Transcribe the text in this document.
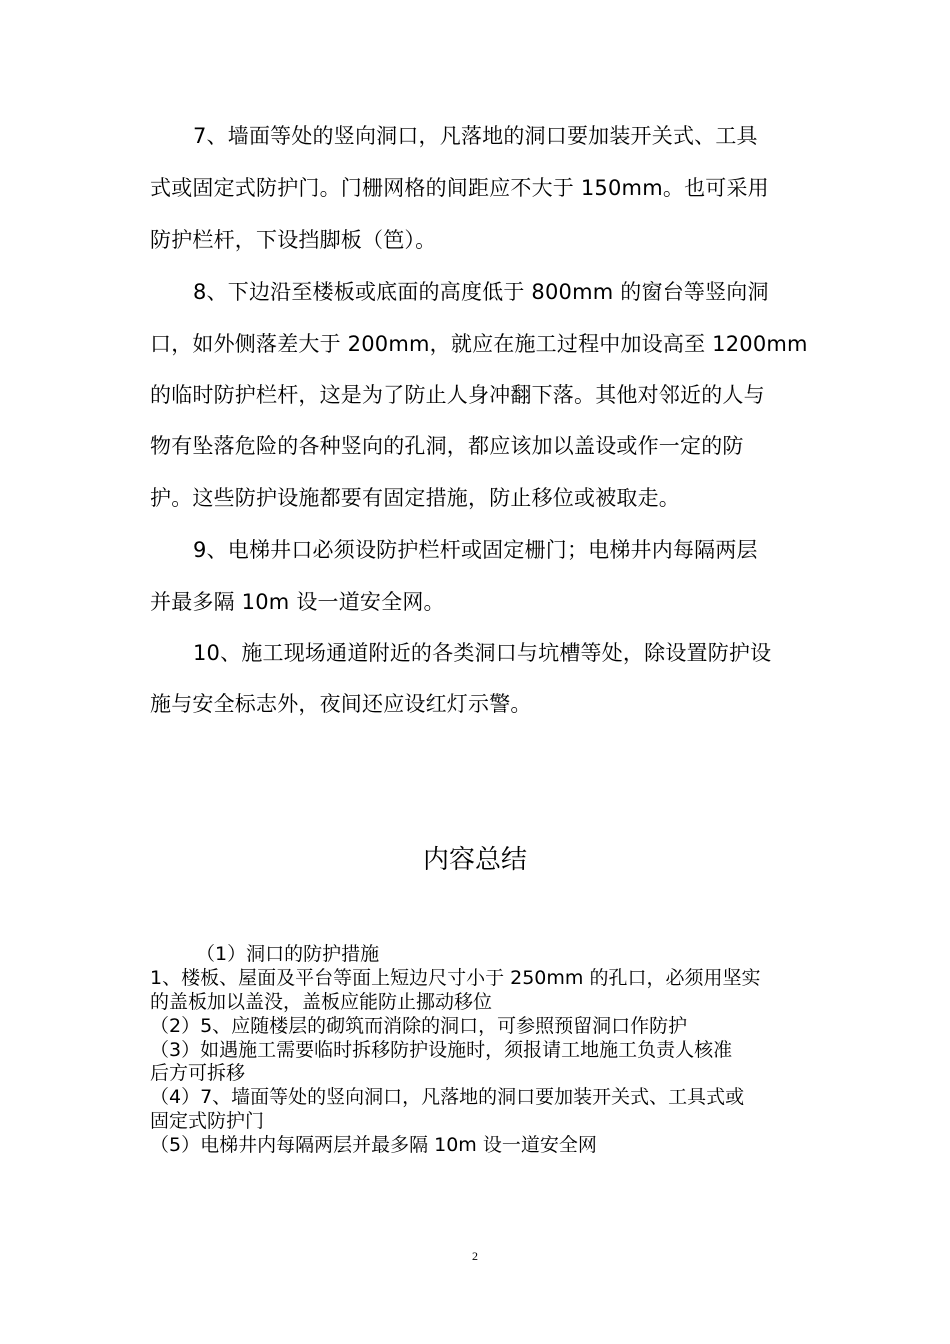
7、墙面等处的竖向洞口，凡落地的洞口要加装开关式、工具
式或固定式防护门。门栅网格的间距应不大于 150mm。也可采用
防护栏杆，下设挡脚板（笆）。
8、下边沿至楼板或底面的高度低于 800mm 的窗台等竖向洞
口，如外侧落差大于 200mm，就应在施工过程中加设高至 1200mm
的临时防护栏杆，这是为了防止人身冲翻下落。其他对邻近的人与
物有坠落危险的各种竖向的孔洞，都应该加以盖设或作一定的防
护。这些防护设施都要有固定措施，防止移位或被取走。
9、电梯井口必须设防护栏杆或固定栅门；电梯井内每隔两层
并最多隔 10m 设一道安全网。
10、施工现场通道附近的各类洞口与坑槽等处，除设置防护设
施与安全标志外，夜间还应设红灯示警。
内容总结
（1）洞口的防护措施
1、楼板、屋面及平台等面上短边尺寸小于 250mm 的孔口，必须用坚实
的盖板加以盖没，盖板应能防止挪动移位
（2）5、应随楼层的砌筑而消除的洞口，可参照预留洞口作防护
（3）如遇施工需要临时拆移防护设施时，须报请工地施工负责人核准
后方可拆移
（4）7、墙面等处的竖向洞口，凡落地的洞口要加装开关式、工具式或
固定式防护门
（5）电梯井内每隔两层并最多隔 10m 设一道安全网
2
